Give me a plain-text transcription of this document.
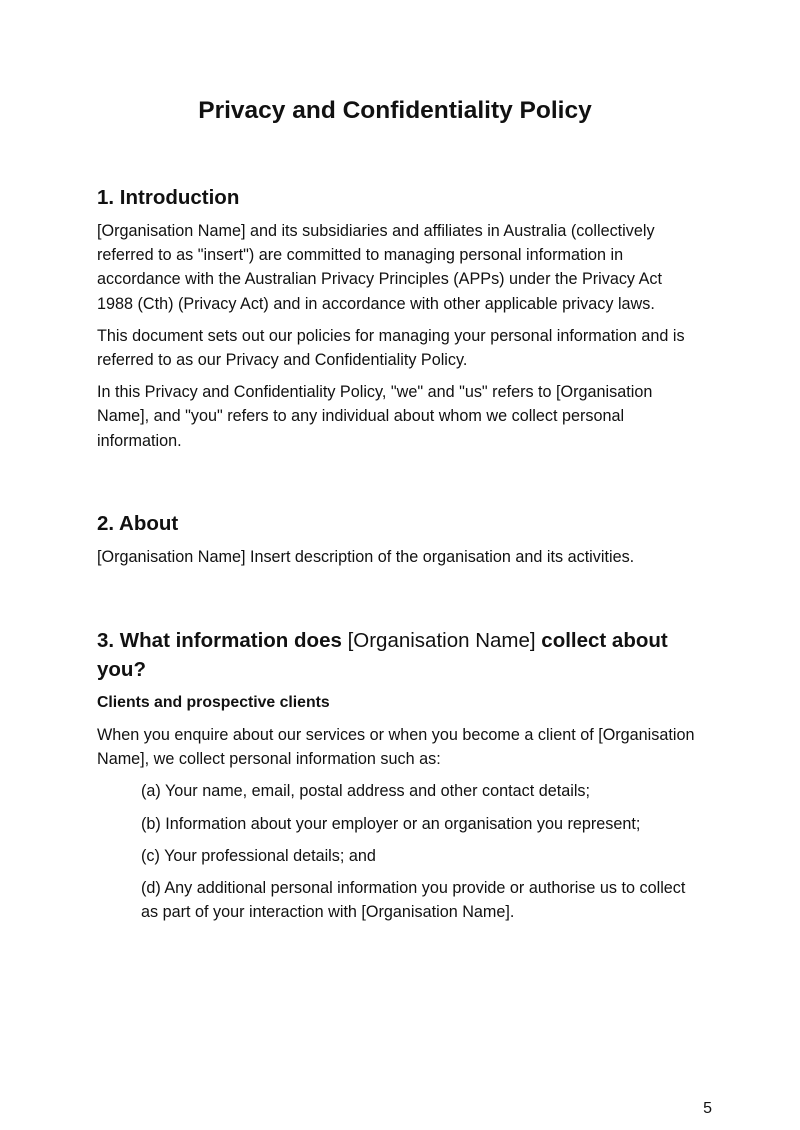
Privacy and Confidentiality Policy
1. Introduction

[Organisation Name] and its subsidiaries and affiliates in Australia (collectively referred to as "insert") are committed to managing personal information in accordance with the Australian Privacy Principles (APPs) under the Privacy Act 1988 (Cth) (Privacy Act) and in accordance with other applicable privacy laws.

This document sets out our policies for managing your personal information and is referred to as our Privacy and Confidentiality Policy.

In this Privacy and Confidentiality Policy, "we" and "us" refers to [Organisation Name], and "you" refers to any individual about whom we collect personal information.

2. About

[Organisation Name] Insert description of the organisation and its activities.

3. What information does [Organisation Name] collect about you?
Clients and prospective clients

When you enquire about our services or when you become a client of [Organisation Name], we collect personal information such as:

(a) Your name, email, postal address and other contact details;
(b) Information about your employer or an organisation you represent;
(c) Your professional details; and
(d) Any additional personal information you provide or authorise us to collect as part of your interaction with [Organisation Name].
5
